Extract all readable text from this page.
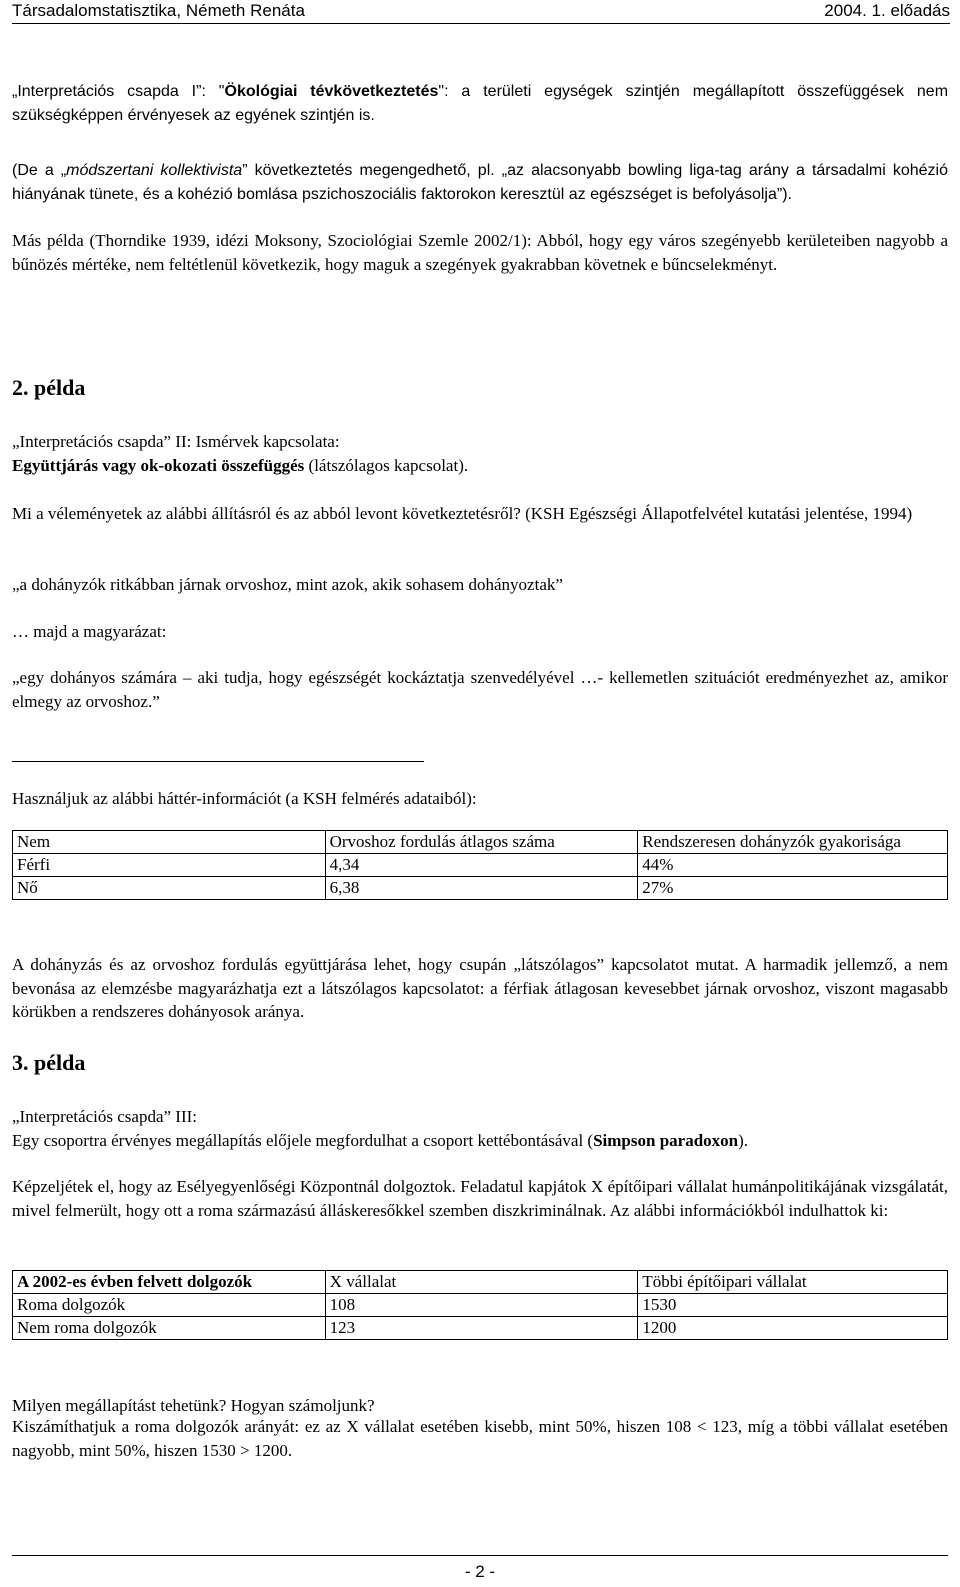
Társadalomstatisztika, Németh Renáta	2004. 1. előadás
„Interpretációs csapda I”: "Ökológiai tévkövetkeztetés": a területi egységek szintjén megállapított összefüggések nem szükségképpen érvényesek az egyének szintjén is.
(De a „módszertani kollektivista” következtetés megengedhető, pl. „az alacsonyabb bowling liga-tag arány a társadalmi kohézió hiányának tünete, és a kohézió bomlása pszichoszociális faktorokon keresztül az egészséget is befolyásolja”).
Más példa (Thorndike 1939, idézi Moksony, Szociológiai Szemle 2002/1): Abból, hogy egy város szegényebb kerületeiben nagyobb a bűnözés mértéke, nem feltétlenül következik, hogy maguk a szegények gyakrabban követnek e bűncselekményt.
2. példa
„Interpretációs csapda” II: Ismérvek kapcsolata:
Együttjárás vagy ok-okozati összefüggés (látszólagos kapcsolat).
Mi a véleményetek az alábbi állításról és az abból levont következtetésről? (KSH Egészségi Állapotfelvétel kutatási jelentése, 1994)
„a dohányzók ritkábban járnak orvoshoz, mint azok, akik sohasem dohányoztak”
… majd a magyarázat:
„egy dohányos számára – aki tudja, hogy egészségét kockáztatja szenvedélyével …- kellemetlen szituációt eredményezhet az, amikor elmegy az orvoshoz.”
Használjuk az alábbi háttér-információt (a KSH felmérés adataiból):
Nem	Orvoshoz fordulás átlagos száma	Rendszeresen dohányzók gyakorisága
Férfi	4,34	44%
Nő	6,38	27%
A dohányzás és az orvoshoz fordulás együttjárása lehet, hogy csupán „látszólagos” kapcsolatot mutat. A harmadik jellemző, a nem bevonása az elemzésbe magyarázhatja ezt a látszólagos kapcsolatot: a férfiak átlagosan kevesebbet járnak orvoshoz, viszont magasabb körükben a rendszeres dohányosok aránya.
3. példa
„Interpretációs csapda” III:
Egy csoportra érvényes megállapítás előjele megfordulhat a csoport kettébontásával (Simpson paradoxon).
Képzeljétek el, hogy az Esélyegyenlőségi Központnál dolgoztok. Feladatul kapjátok X építőipari vállalat humánpolitikájának vizsgálatát, mivel felmerült, hogy ott a roma származású álláskeresőkkel szemben diszkriminálnak. Az alábbi információkból indulhattok ki:
A 2002-es évben felvett dolgozók	X vállalat	Többi építőipari vállalat
Roma dolgozók	108	1530
Nem roma dolgozók	123	1200
Milyen megállapítást tehetünk? Hogyan számoljunk?
Kiszámíthatjuk a roma dolgozók arányát: ez az X vállalat esetében kisebb, mint 50%, hiszen 108 < 123, míg a többi vállalat esetében nagyobb, mint 50%, hiszen 1530 > 1200.
- 2 -
